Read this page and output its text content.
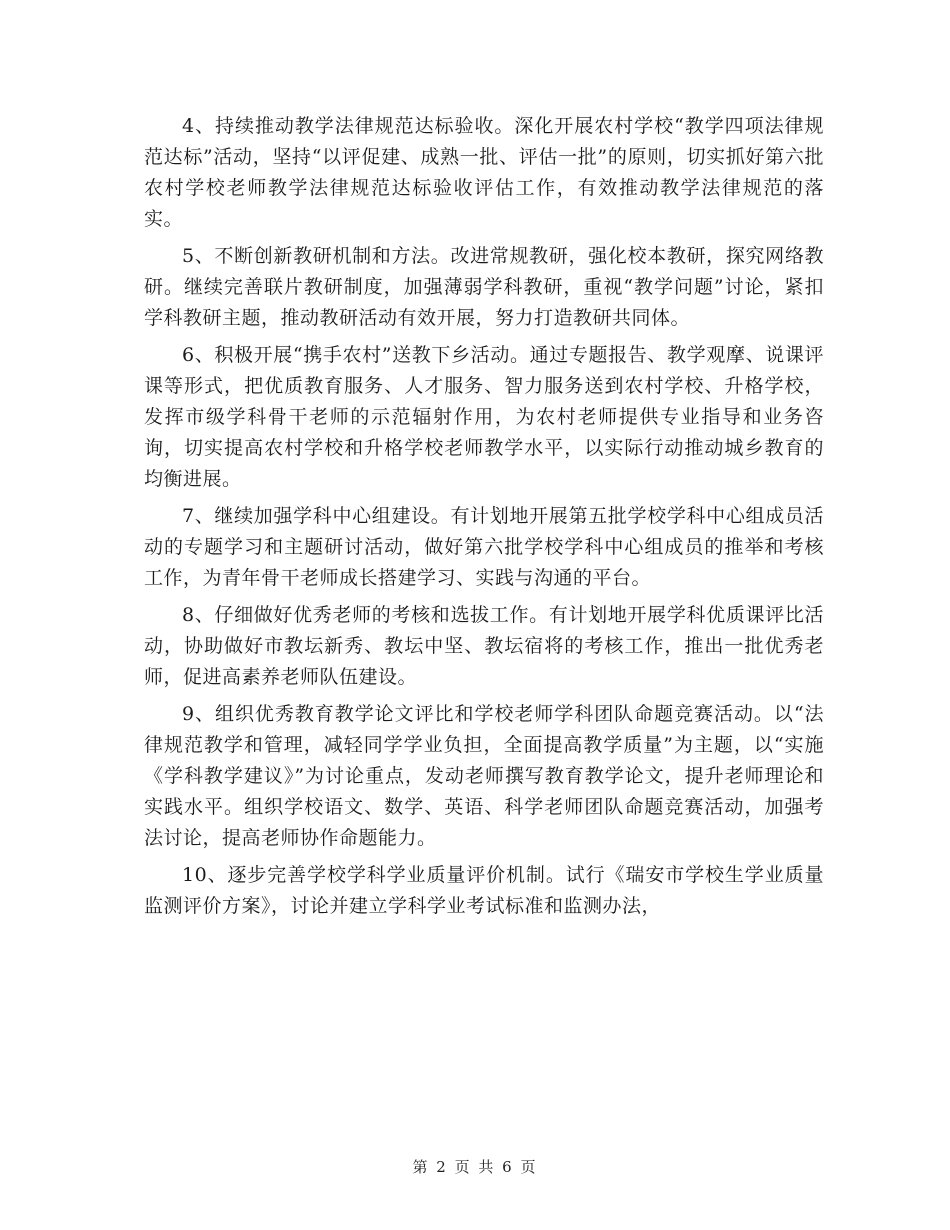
4、持续推动教学法律规范达标验收。深化开展农村学校“教学四项法律规范达标”活动，坚持“以评促建、成熟一批、评估一批”的原则，切实抓好第六批农村学校老师教学法律规范达标验收评估工作，有效推动教学法律规范的落实。

5、不断创新教研机制和方法。改进常规教研，强化校本教研，探究网络教研。继续完善联片教研制度，加强薄弱学科教研，重视“教学问题”讨论，紧扣学科教研主题，推动教研活动有效开展，努力打造教研共同体。

6、积极开展“携手农村”送教下乡活动。通过专题报告、教学观摩、说课评课等形式，把优质教育服务、人才服务、智力服务送到农村学校、升格学校，发挥市级学科骨干老师的示范辐射作用，为农村老师提供专业指导和业务咨询，切实提高农村学校和升格学校老师教学水平，以实际行动推动城乡教育的均衡进展。

7、继续加强学科中心组建设。有计划地开展第五批学校学科中心组成员活动的专题学习和主题研讨活动，做好第六批学校学科中心组成员的推举和考核工作，为青年骨干老师成长搭建学习、实践与沟通的平台。

8、仔细做好优秀老师的考核和选拔工作。有计划地开展学科优质课评比活动，协助做好市教坛新秀、教坛中坚、教坛宿将的考核工作，推出一批优秀老师，促进高素养老师队伍建设。

9、组织优秀教育教学论文评比和学校老师学科团队命题竞赛活动。以“法律规范教学和管理，减轻同学学业负担，全面提高教学质量”为主题，以“实施《学科教学建议》”为讨论重点，发动老师撰写教育教学论文，提升老师理论和实践水平。组织学校语文、数学、英语、科学老师团队命题竞赛活动，加强考法讨论，提高老师协作命题能力。

10、逐步完善学校学科学业质量评价机制。试行《瑞安市学校生学业质量监测评价方案》，讨论并建立学科学业考试标准和监测办法，

第 2 页 共 6 页
